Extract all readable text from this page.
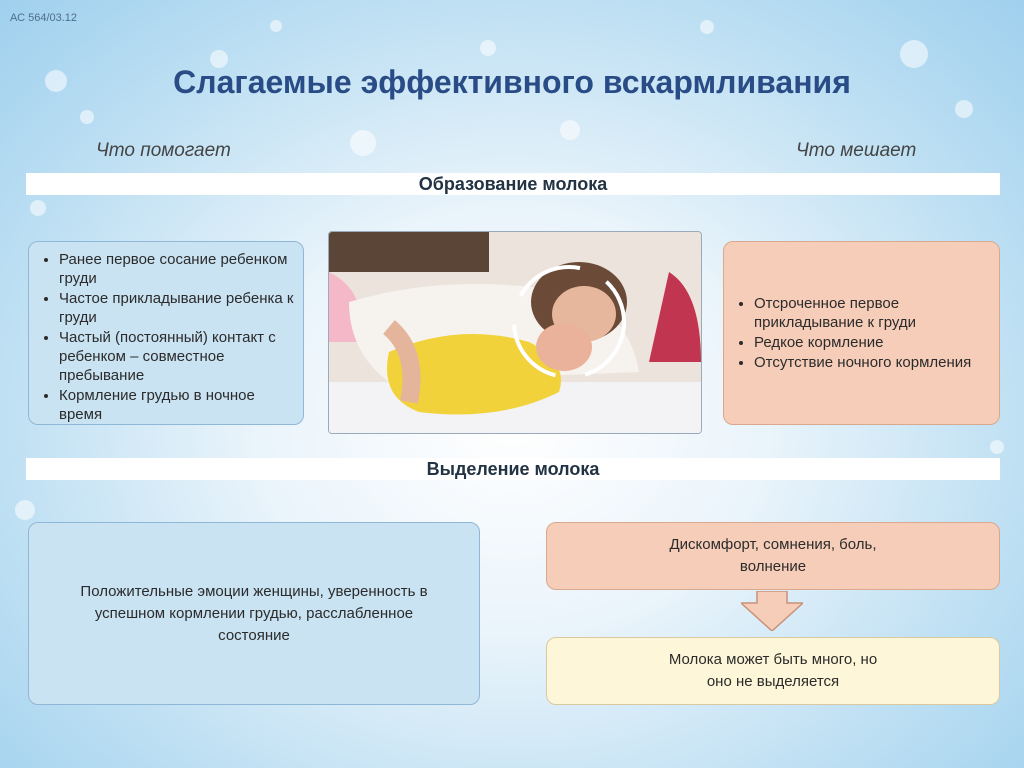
АС 564/03.12
Слагаемые эффективного вскармливания
Что помогает	Что мешает
Образование молока
• Ранее первое сосание ребенком груди
• Частое прикладывание ребенка к груди
• Частый (постоянный) контакт с ребенком – совместное пребывание
• Кормление грудью в ночное время
• Отсроченное первое прикладывание к груди
• Редкое кормление
• Отсутствие ночного кормления
Выделение молока
Положительные эмоции женщины, уверенность в успешном кормлении грудью, расслабленное состояние
Дискомфорт, сомнения, боль, волнение
Молока может быть много, но оно не выделяется
